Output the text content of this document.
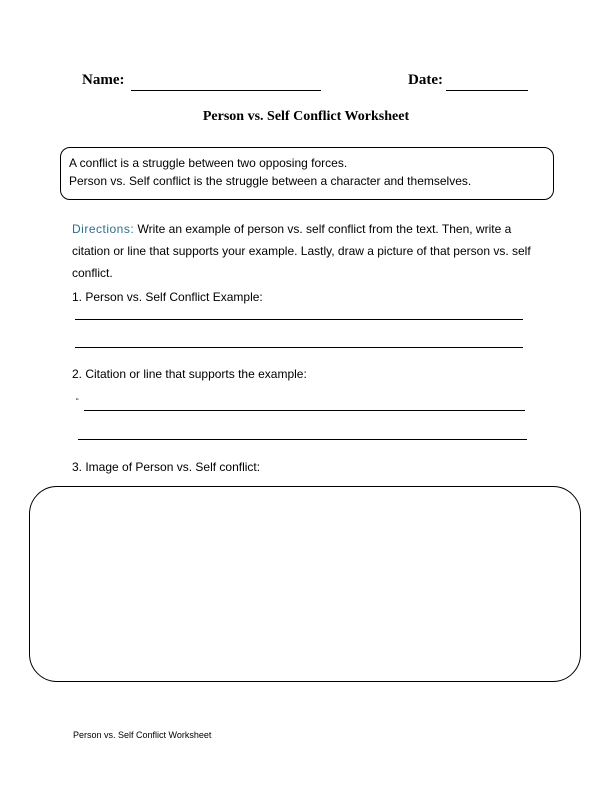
Name:	Date:
Person vs. Self Conflict Worksheet
A conflict is a struggle between two opposing forces.
Person vs. Self conflict is the struggle between a character and themselves.
Directions: Write an example of person vs. self conflict from the text. Then, write a citation or line that supports your example. Lastly, draw a picture of that person vs. self conflict.
1. Person vs. Self Conflict Example:
2. Citation or line that supports the example:
“
3. Image of Person vs. Self conflict:
Person vs. Self Conflict Worksheet
